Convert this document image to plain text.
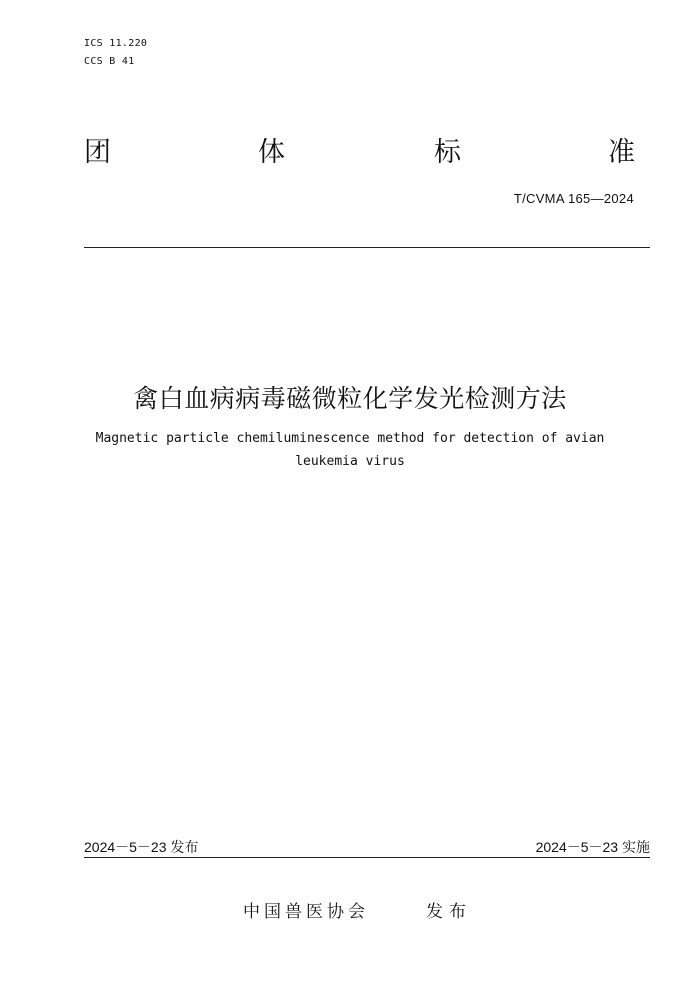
ICS 11.220
CCS B 41
团	体	标	准
T/CVMA 165—2024
禽白血病病毒磁微粒化学发光检测方法
Magnetic particle chemiluminescence method for detection of avian
leukemia virus
2024－5－23 发布	2024－5－23 实施
中国兽医协会	发布
